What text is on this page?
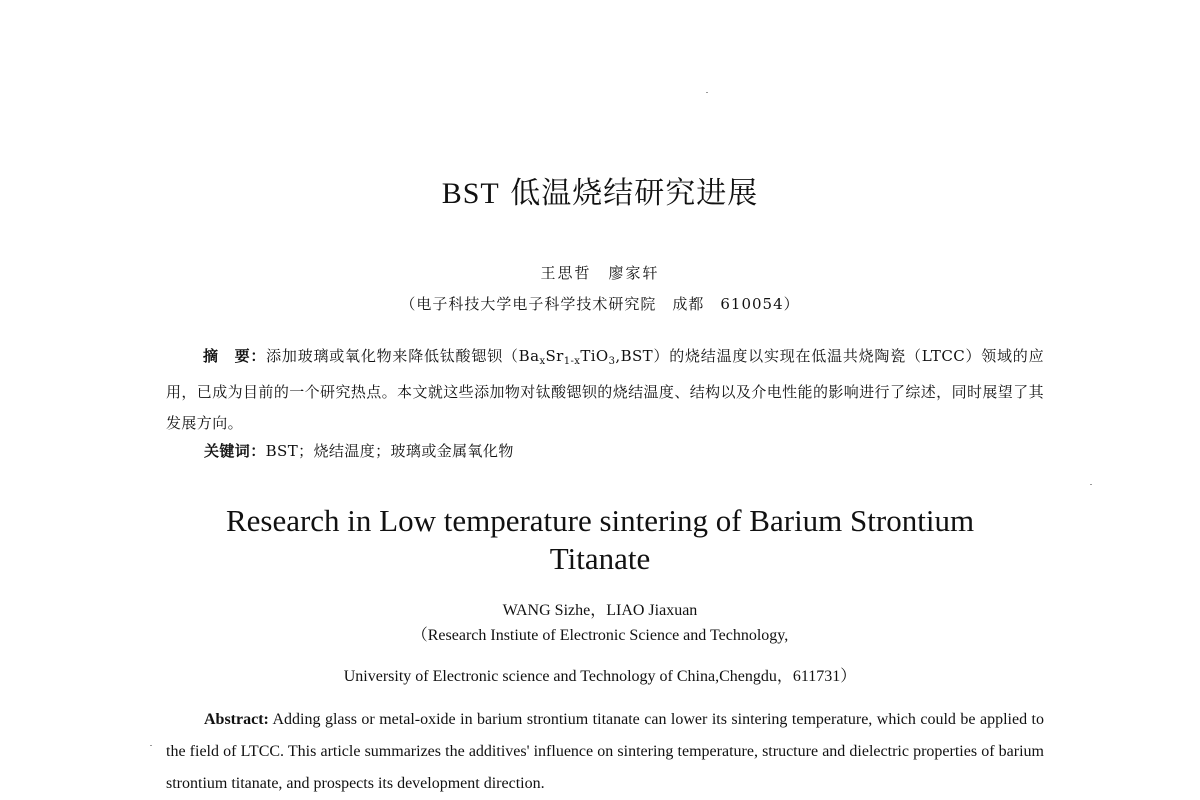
BST 低温烧结研究进展
王思哲　廖家轩
（电子科技大学电子科学技术研究院　成都　610054）
摘　要：添加玻璃或氧化物来降低钛酸锶钡$(Ba_xSr_{1-x}TiO_3,BST)$的烧结温度以实现在低温共烧陶瓷（LTCC）领域的应用，已成为目前的一个研究热点。本文就这些添加物对钛酸锶钡的烧结温度、结构以及介电性能的影响进行了综述，同时展望了其发展方向。
关键词：BST；烧结温度；玻璃或金属氧化物
Research in Low temperature sintering of Barium Strontium Titanate
WANG Sizhe，LIAO Jiaxuan
（Research Instiute of Electronic Science and Technology,
University of Electronic science and Technology of China,Chengdu，611731）
Abstract: Adding glass or metal-oxide in barium strontium titanate can lower its sintering temperature, which could be applied to the field of LTCC. This article summarizes the additives' influence on sintering temperature, structure and dielectric properties of barium strontium titanate, and prospects its development direction.
